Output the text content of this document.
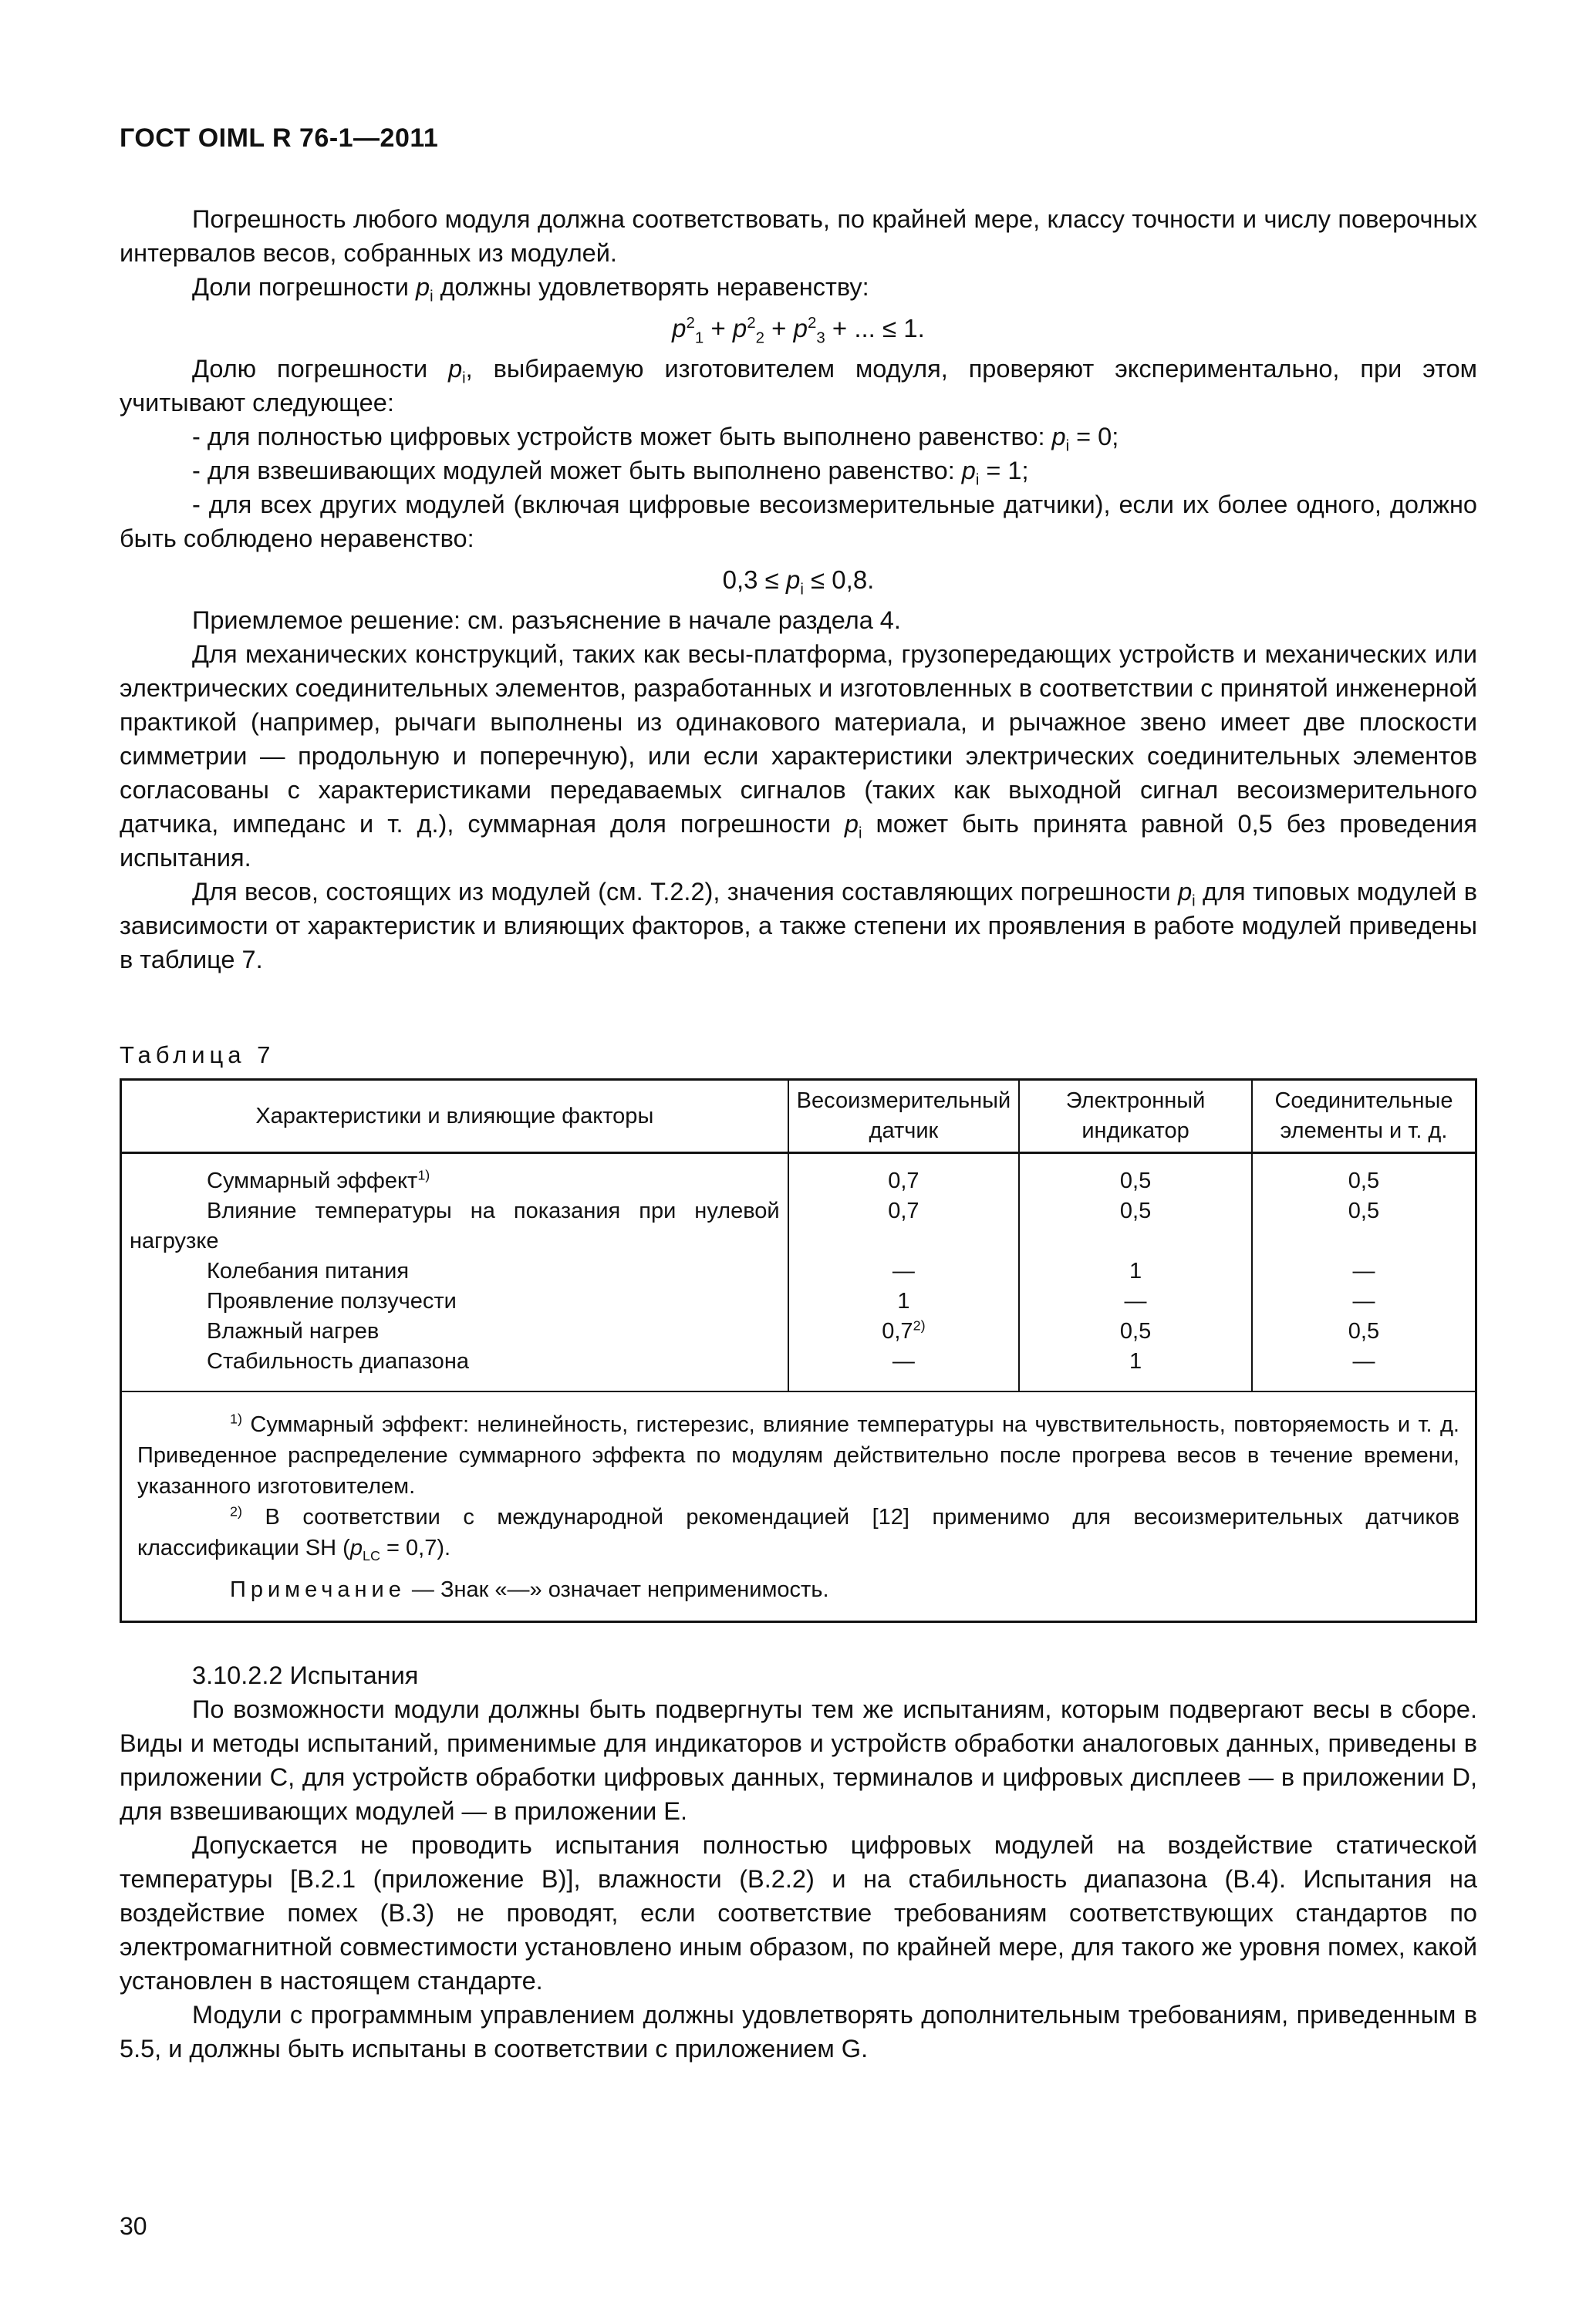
ГОСТ OIML R 76-1—2011

Погрешность любого модуля должна соответствовать, по крайней мере, классу точности и числу поверочных интервалов весов, собранных из модулей.

Доли погрешности $p_i$ должны удовлетворять неравенству:

$p^2_1 + p^2_2 + p^2_3$ + ... ≤ 1.

Долю погрешности $p_i$, выбираемую изготовителем модуля, проверяют экспериментально, при этом учитывают следующее:

- для полностью цифровых устройств может быть выполнено равенство: $p_i = 0$;

- для взвешивающих модулей может быть выполнено равенство: $p_i = 1$;

- для всех других модулей (включая цифровые весоизмерительные датчики), если их более одного, должно быть соблюдено неравенство:

$0,3 \le p_i \le 0,8$.

Приемлемое решение: см. разъяснение в начале раздела 4.

Для механических конструкций, таких как весы-платформа, грузопередающих устройств и механических или электрических соединительных элементов, разработанных и изготовленных в соответствии с принятой инженерной практикой (например, рычаги выполнены из одинакового материала, и рычажное звено имеет две плоскости симметрии — продольную и поперечную), или если характеристики электрических соединительных элементов согласованы с характеристиками передаваемых сигналов (таких как выходной сигнал весоизмерительного датчика, импеданс и т. д.), суммарная доля погрешности $p_i$ может быть принята равной 0,5 без проведения испытания.

Для весов, состоящих из модулей (см. Т.2.2), значения составляющих погрешности $p_i$ для типовых модулей в зависимости от характеристик и влияющих факторов, а также степени их проявления в работе модулей приведены в таблице 7.

Таблица 7
Характеристики и влияющие факторы	Весоизмерительный датчик	Электронный индикатор	Соединительные элементы и т. д.

Суммарный эффект$^{1)}$	0,7	0,5	0,5

Влияние температуры на показания при нулевой нагрузке	0,7	0,5	0,5

Колебания питания	—	1	—

Проявление ползучести	1	—	—

Влажный нагрев	0,7$^{2)}$	0,5	0,5

Стабильность диапазона	—	1	—

$^{1)}$ Суммарный эффект: нелинейность, гистерезис, влияние температуры на чувствительность, повторяемость и т. д. Приведенное распределение суммарного эффекта по модулям действительно после прогрева весов в течение времени, указанного изготовителем.

$^{2)}$ В соответствии с международной рекомендацией [12] применимо для весоизмерительных датчиков классификации SH $(p_{LC} = 0,7)$.

Примечание — Знак «—» означает неприменимость.			

3.10.2.2 Испытания

По возможности модули должны быть подвергнуты тем же испытаниям, которым подвергают весы в сборе. Виды и методы испытаний, применимые для индикаторов и устройств обработки аналоговых данных, приведены в приложении С, для устройств обработки цифровых данных, терминалов и цифровых дисплеев — в приложении D, для взвешивающих модулей — в приложении Е.

Допускается не проводить испытания полностью цифровых модулей на воздействие статической температуры [В.2.1 (приложение В)], влажности (В.2.2) и на стабильность диапазона (В.4). Испытания на воздействие помех (В.3) не проводят, если соответствие требованиям соответствующих стандартов по электромагнитной совместимости установлено иным образом, по крайней мере, для такого же уровня помех, какой установлен в настоящем стандарте.

Модули с программным управлением должны удовлетворять дополнительным требованиям, приведенным в 5.5, и должны быть испытаны в соответствии с приложением G.

30
